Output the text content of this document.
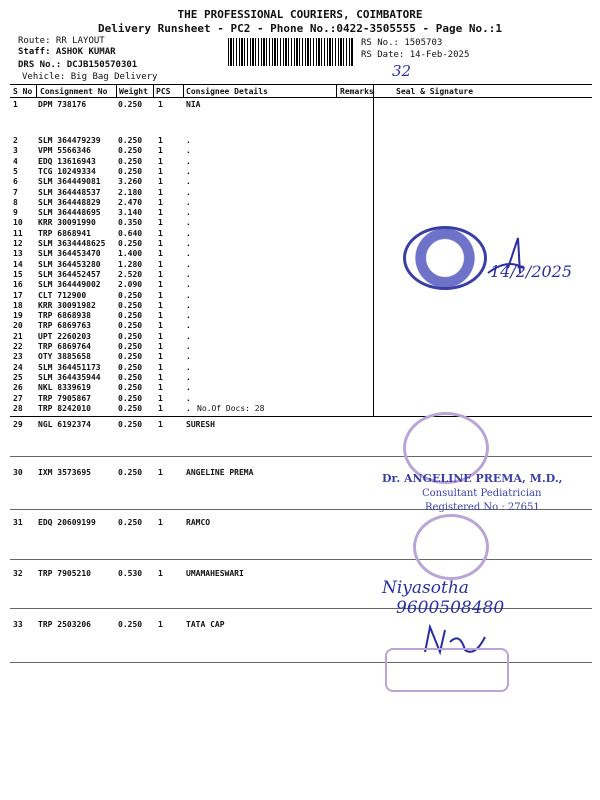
THE PROFESSIONAL COURIERS, COIMBATORE
Delivery Runsheet - PC2 - Phone No.:0422-3505555 - Page No.:1
Route: RR LAYOUT
Staff: ASHOK KUMAR
DRS No.: DCJB150570301
Vehicle: Big Bag Delivery
RS No.: 1505703
RS Date: 14-Feb-2025
32
S No Consignment No Weight PCS Consignee Details	Remarks	Seal & Signature
1	DPM 738176	0.250 1	NIA
2	SLM 364479239 0.250 1	.
3	VPM 5566346	0.250 1	.
4	EDQ 13616943	0.250 1	.
5	TCG 10249334	0.250 1	.
6	SLM 364449081 3.260 1	.
7	SLM 364448537 2.180 1	.
8	SLM 364448829 2.470 1	.
9	SLM 364448695 3.140 1	.
10 KRR 30091990	0.350 1	.
11 TRP 6868941	0.640 1	.
12 SLM 3634448625 0.250 1	.
13 SLM 364453470 1.400 1	.
14 SLM 364453280 1.280 1	.
15 SLM 364452457 2.520 1	.
16 SLM 364449002 2.090 1	.
17 CLT 712900	0.250 1	.
18 KRR 30091982	0.250 1	.
19 TRP 6868938	0.250 1	.
20 TRP 6869763	0.250 1	.
21 UPT 2260203	0.250 1	.
22 TRP 6869764	0.250 1	.
23 OTY 3885658	0.250 1	.
24 SLM 364451173 0.250 1	.
25 SLM 364435944 0.250 1	.
26 NKL 8339619	0.250 1	.
27 TRP 7905867	0.250 1	.
28 TRP 8242010	0.250 1	.
29 NGL 6192374	0.250 1	SURESH
30 IXM 3573695	0.250 1	ANGELINE PREMA
31 EDQ 20609199	0.250 1	RAMCO
32 TRP 7905210	0.530 1	UMAMAHESWARI
33 TRP 2503206	0.250 1	TATA CAP
No.Of Docs: 28
14/2/2025
Dr. ANGELINE PREMA, M.D.,
Consultant Pediatrician
Registered No : 27651
Niyasotha
9600508480
